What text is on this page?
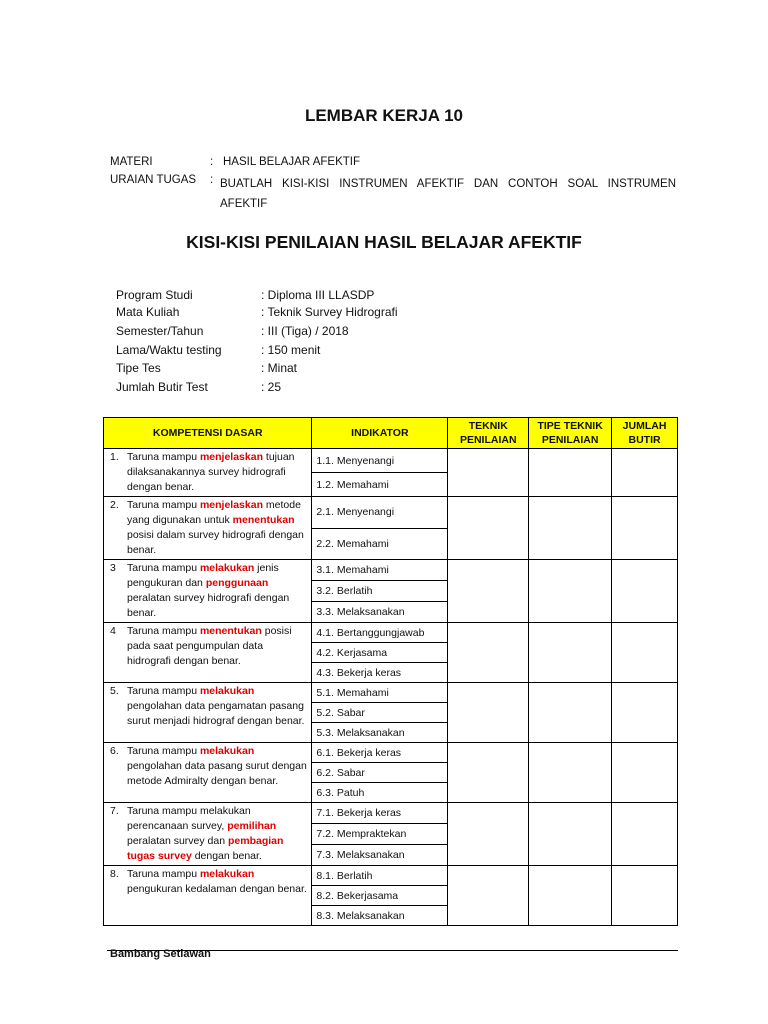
LEMBAR KERJA 10
MATERI	: HASIL BELAJAR AFEKTIF
URAIAN TUGAS : BUATLAH KISI-KISI INSTRUMEN AFEKTIF DAN CONTOH SOAL INSTRUMEN AFEKTIF
KISI-KISI PENILAIAN HASIL BELAJAR AFEKTIF
Program Studi	: Diploma III LLASDP
Mata Kuliah	: Teknik Survey Hidrografi
Semester/Tahun	: III (Tiga) / 2018
Lama/Waktu testing	: 150 menit
Tipe Tes	: Minat
Jumlah Butir Test	: 25
KOMPETENSI DASAR	INDIKATOR	TEKNIK PENILAIAN	TIPE TEKNIK PENILAIAN	JUMLAH BUTIR

1. Taruna mampu menjelaskan tujuan dilaksanakannya survey hidrografi dengan benar.	1.1. Menyenangi			
	1.2. Memahami			

2. Taruna mampu menjelaskan metode yang digunakan untuk menentukan posisi dalam survey hidrografi dengan benar.	2.1. Menyenangi			
	2.2. Memahami			

3 Taruna mampu melakukan jenis pengukuran dan penggunaan peralatan survey hidrografi dengan benar.	3.1. Memahami			
	3.2. Berlatih			
	3.3. Melaksanakan			

4 Taruna mampu menentukan posisi pada saat pengumpulan data hidrografi dengan benar.	4.1. Bertanggungjawab			
	4.2. Kerjasama			
	4.3. Bekerja keras			

5. Taruna mampu melakukan pengolahan data pengamatan pasang surut menjadi hidrograf dengan benar.	5.1. Memahami			
	5.2. Sabar			
	5.3. Melaksanakan			

6. Taruna mampu melakukan pengolahan data pasang surut dengan metode Admiralty dengan benar.	6.1. Bekerja keras			
	6.2. Sabar			
	6.3. Patuh			

7. Taruna mampu melakukan perencanaan survey, pemilihan peralatan survey dan pembagian tugas survey dengan benar.	7.1. Bekerja keras			
	7.2. Mempraktekan			
	7.3. Melaksanakan			

8. Taruna mampu melakukan pengukuran kedalaman dengan benar.	8.1. Berlatih			
	8.2. Bekerjasama			
	8.3. Melaksanakan			
Bambang Setiawan
